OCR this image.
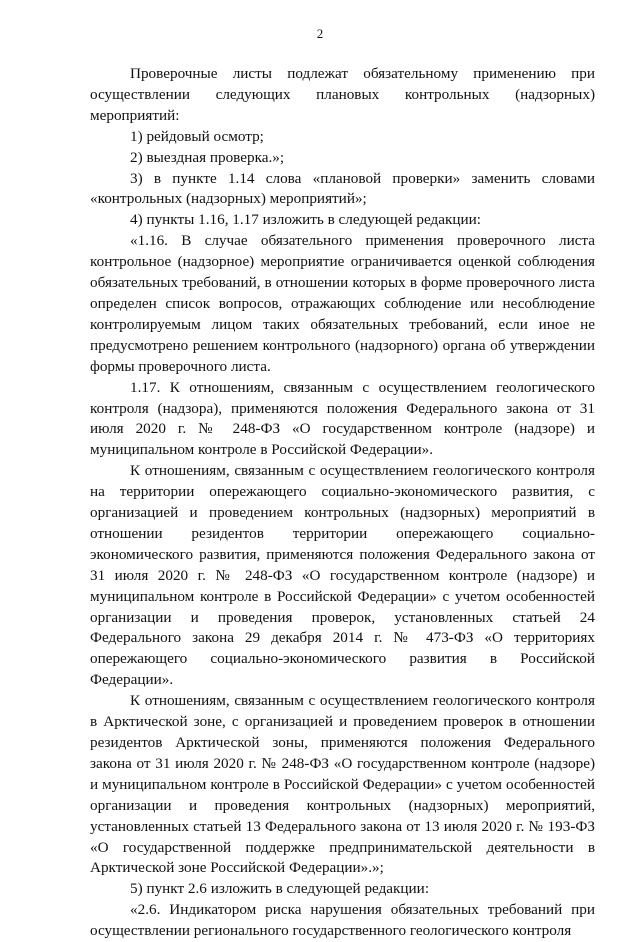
2

Проверочные листы подлежат обязательному применению при осуществлении следующих плановых контрольных (надзорных) мероприятий:

1) рейдовый осмотр;

2) выездная проверка.»;

3) в пункте 1.14 слова «плановой проверки» заменить словами «контрольных (надзорных) мероприятий»;

4) пункты 1.16, 1.17 изложить в следующей редакции:

«1.16. В случае обязательного применения проверочного листа контрольное (надзорное) мероприятие ограничивается оценкой соблюдения обязательных требований, в отношении которых в форме проверочного листа определен список вопросов, отражающих соблюдение или несоблюдение контролируемым лицом таких обязательных требований, если иное не предусмотрено решением контрольного (надзорного) органа об утверждении формы проверочного листа.

1.17. К отношениям, связанным с осуществлением геологического контроля (надзора), применяются положения Федерального закона от 31 июля 2020 г. № 248-ФЗ «О государственном контроле (надзоре) и муниципальном контроле в Российской Федерации».

К отношениям, связанным с осуществлением геологического контроля на территории опережающего социально-экономического развития, с организацией и проведением контрольных (надзорных) мероприятий в отношении резидентов территории опережающего социально-экономического развития, применяются положения Федерального закона от 31 июля 2020 г. № 248-ФЗ «О государственном контроле (надзоре) и муниципальном контроле в Российской Федерации» с учетом особенностей организации и проведения проверок, установленных статьей 24 Федерального закона 29 декабря 2014 г. № 473-ФЗ «О территориях опережающего социально-экономического развития в Российской Федерации».

К отношениям, связанным с осуществлением геологического контроля в Арктической зоне, с организацией и проведением проверок в отношении резидентов Арктической зоны, применяются положения Федерального закона от 31 июля 2020 г. № 248-ФЗ «О государственном контроле (надзоре) и муниципальном контроле в Российской Федерации» с учетом особенностей организации и проведения контрольных (надзорных) мероприятий, установленных статьей 13 Федерального закона от 13 июля 2020 г. № 193-ФЗ «О государственной поддержке предпринимательской деятельности в Арктической зоне Российской Федерации».»;

5) пункт 2.6 изложить в следующей редакции:

«2.6. Индикатором риска нарушения обязательных требований при осуществлении регионального государственного геологического контроля
